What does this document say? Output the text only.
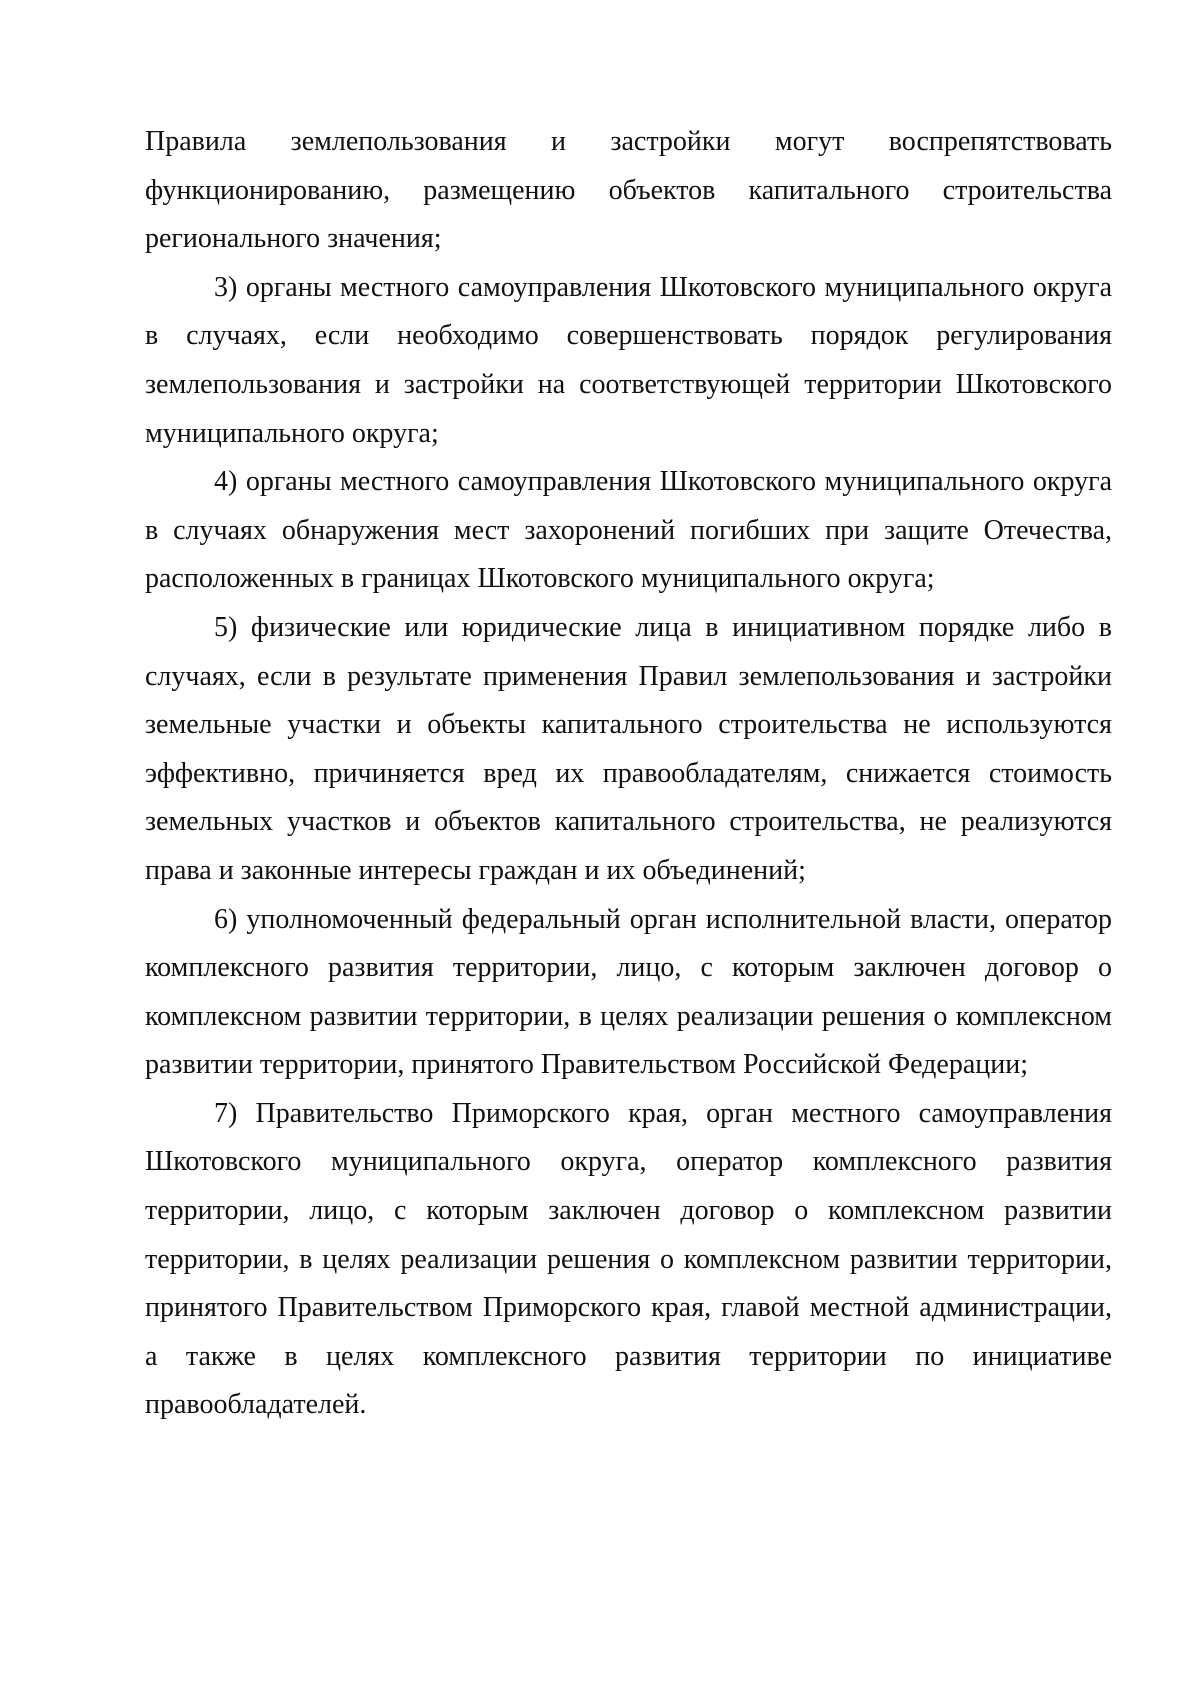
Правила землепользования и застройки могут воспрепятствовать функционированию, размещению объектов капитального строительства регионального значения;

3) органы местного самоуправления Шкотовского муниципального округа в случаях, если необходимо совершенствовать порядок регулирования землепользования и застройки на соответствующей территории Шкотовского муниципального округа;

4) органы местного самоуправления Шкотовского муниципального округа в случаях обнаружения мест захоронений погибших при защите Отечества, расположенных в границах Шкотовского муниципального округа;

5) физические или юридические лица в инициативном порядке либо в случаях, если в результате применения Правил землепользования и застройки земельные участки и объекты капитального строительства не используются эффективно, причиняется вред их правообладателям, снижается стоимость земельных участков и объектов капитального строительства, не реализуются права и законные интересы граждан и их объединений;

6) уполномоченный федеральный орган исполнительной власти, оператор комплексного развития территории, лицо, с которым заключен договор о комплексном развитии территории, в целях реализации решения о комплексном развитии территории, принятого Правительством Российской Федерации;

7) Правительство Приморского края, орган местного самоуправления Шкотовского муниципального округа, оператор комплексного развития территории, лицо, с которым заключен договор о комплексном развитии территории, в целях реализации решения о комплексном развитии территории, принятого Правительством Приморского края, главой местной администрации, а также в целях комплексного развития территории по инициативе правообладателей.
